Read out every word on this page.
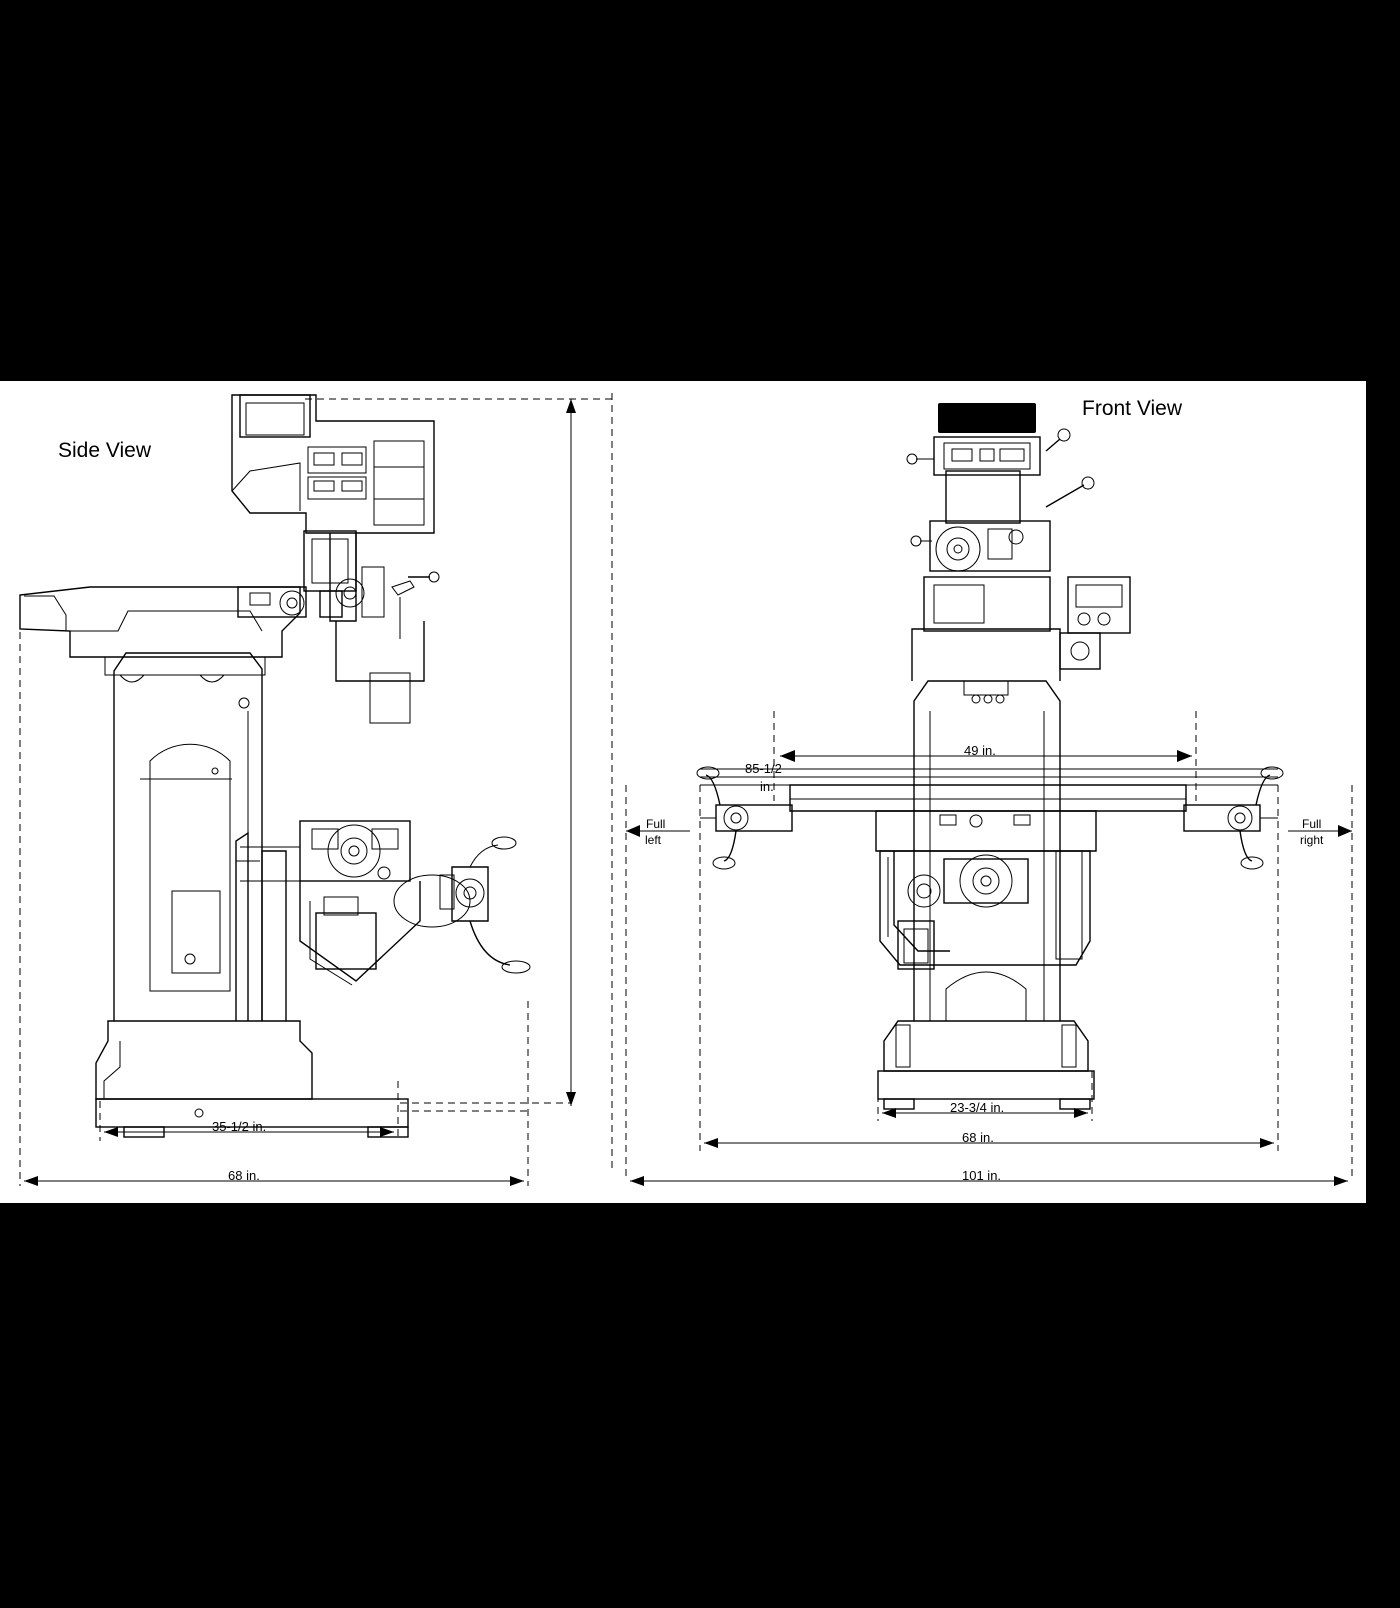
JET
Side View
Front View
85-1/2
in.
35-1/2 in.
68 in.
49 in.
23-3/4 in.
68 in.
101 in.
Full
left
Full
right
